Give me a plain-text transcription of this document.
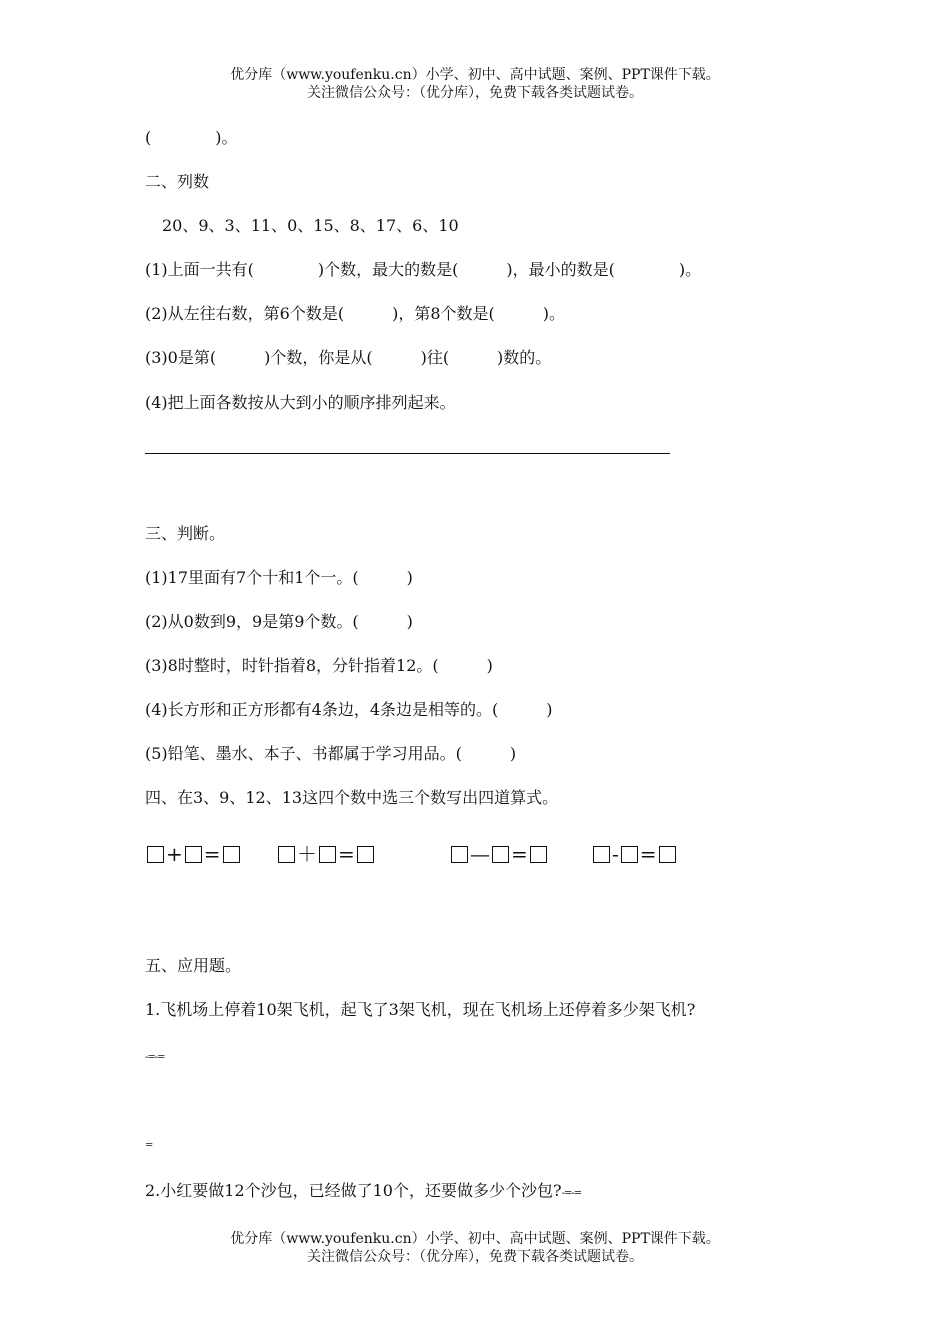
优分库（www.youfenku.cn）小学、初中、高中试题、案例、PPT课件下载。
关注微信公众号：（优分库），免费下载各类试题试卷。
(　　　　)。
二、列数
20、9、3、11、0、15、8、17、6、10
(1)上面一共有(　　　　)个数，最大的数是(　　　)，最小的数是(　　　　)。
(2)从左往右数，第6个数是(　　　)，第8个数是(　　　)。
(3)0是第(　　　)个数，你是从(　　　)往(　　　)数的。
(4)把上面各数按从大到小的顺序排列起来。
三、判断。
(1)17里面有7个十和1个一。(　　　)
(2)从0数到9，9是第9个数。(　　　)
(3)8时整时，时针指着8，分针指着12。(　　　)
(4)长方形和正方形都有4条边，4条边是相等的。(　　　)
(5)铅笔、墨水、本子、书都属于学习用品。(　　　)
四、在3、9、12、13这四个数中选三个数写出四道算式。
+ =	＋ =	— =	- =
五、应用题。
1.飞机场上停着10架飞机，起飞了3架飞机，现在飞机场上还停着多少架飞机?
-=-=
=
2.小红要做12个沙包，已经做了10个，还要做多少个沙包?-=-=
优分库（www.youfenku.cn）小学、初中、高中试题、案例、PPT课件下载。
关注微信公众号：（优分库），免费下载各类试题试卷。
